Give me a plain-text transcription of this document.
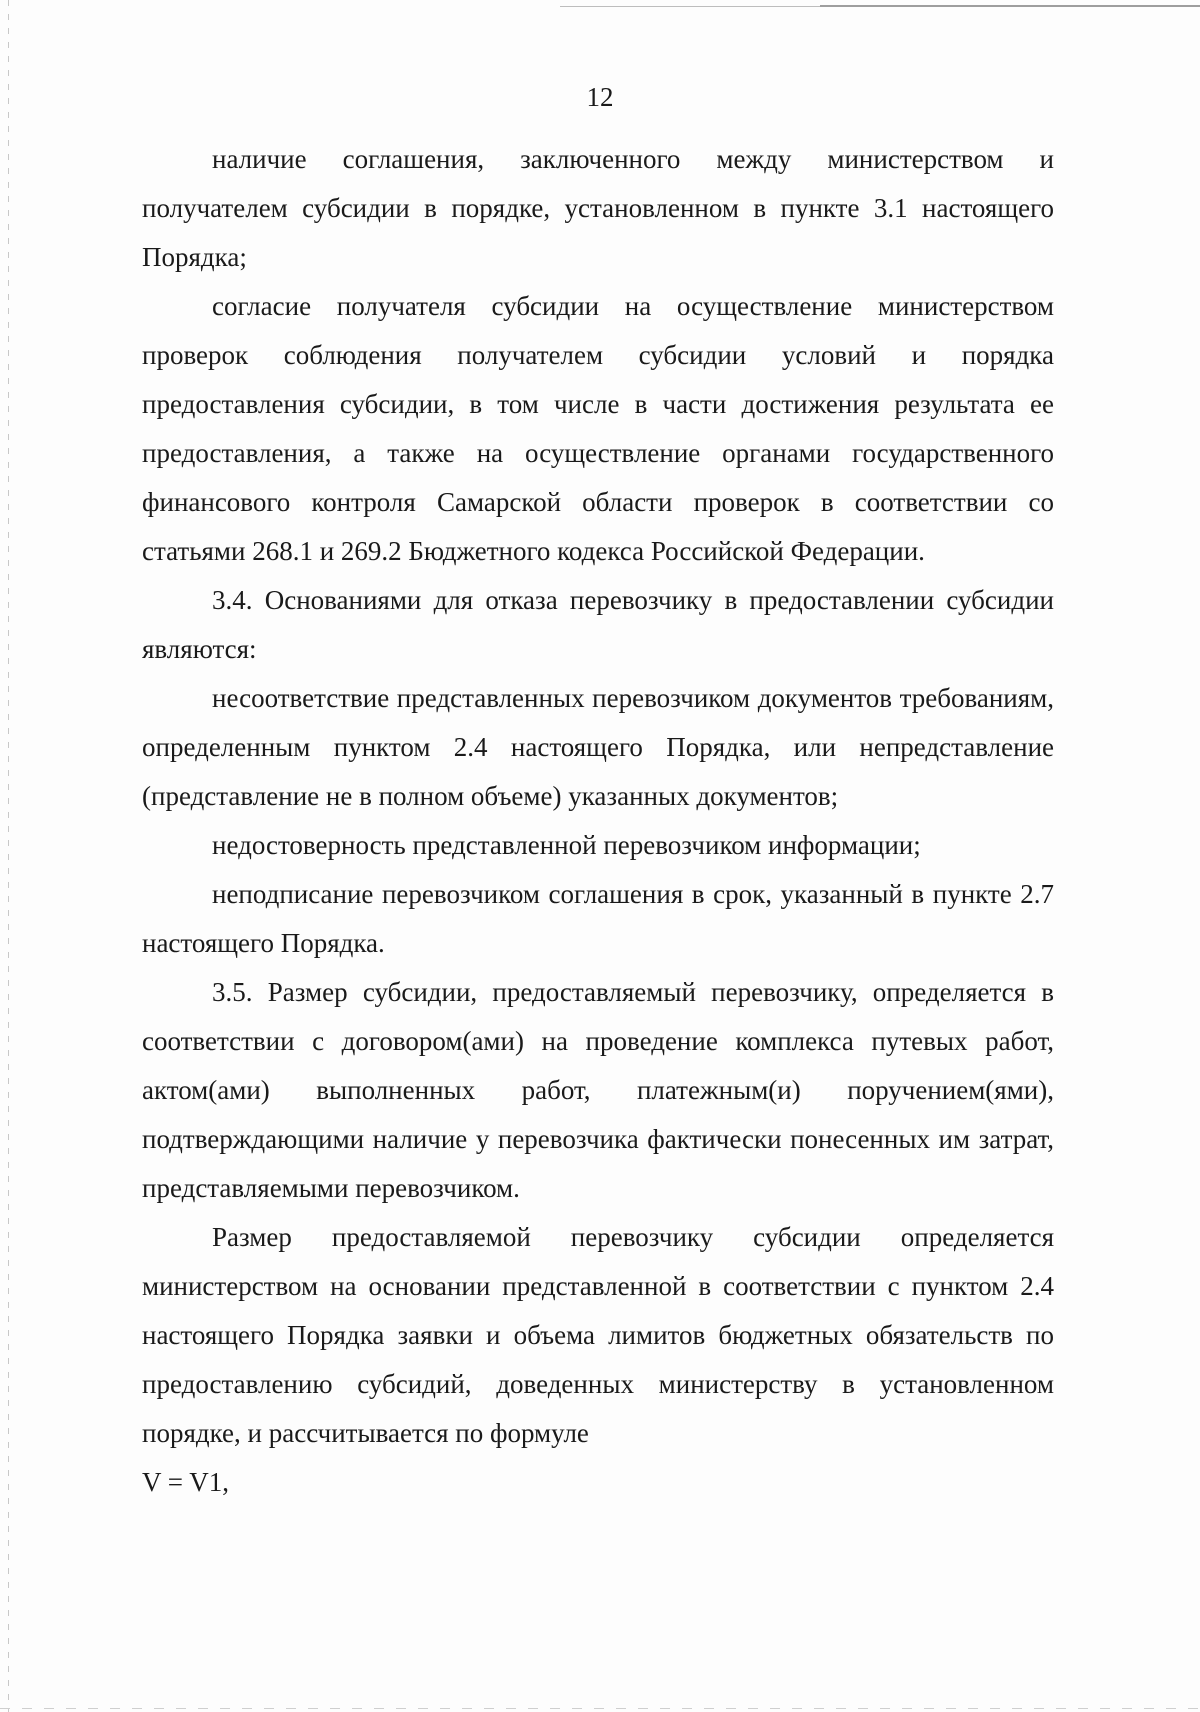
12

наличие соглашения, заключенного между министерством и получателем субсидии в порядке, установленном в пункте 3.1 настоящего Порядка;

согласие получателя субсидии на осуществление министерством проверок соблюдения получателем субсидии условий и порядка предоставления субсидии, в том числе в части достижения результата ее предоставления, а также на осуществление органами государственного финансового контроля Самарской области проверок в соответствии со статьями 268.1 и 269.2 Бюджетного кодекса Российской Федерации.

3.4. Основаниями для отказа перевозчику в предоставлении субсидии являются:

несоответствие представленных перевозчиком документов требованиям, определенным пунктом 2.4 настоящего Порядка, или непредставление (представление не в полном объеме) указанных документов;

недостоверность представленной перевозчиком информации;

неподписание перевозчиком соглашения в срок, указанный в пункте 2.7 настоящего Порядка.

3.5. Размер субсидии, предоставляемый перевозчику, определяется в соответствии с договором(ами) на проведение комплекса путевых работ, актом(ами) выполненных работ, платежным(и) поручением(ями), подтверждающими наличие у перевозчика фактически понесенных им затрат, представляемыми перевозчиком.

Размер предоставляемой перевозчику субсидии определяется министерством на основании представленной в соответствии с пунктом 2.4 настоящего Порядка заявки и объема лимитов бюджетных обязательств по предоставлению субсидий, доведенных министерству в установленном порядке, и рассчитывается по формуле

V = V1,
